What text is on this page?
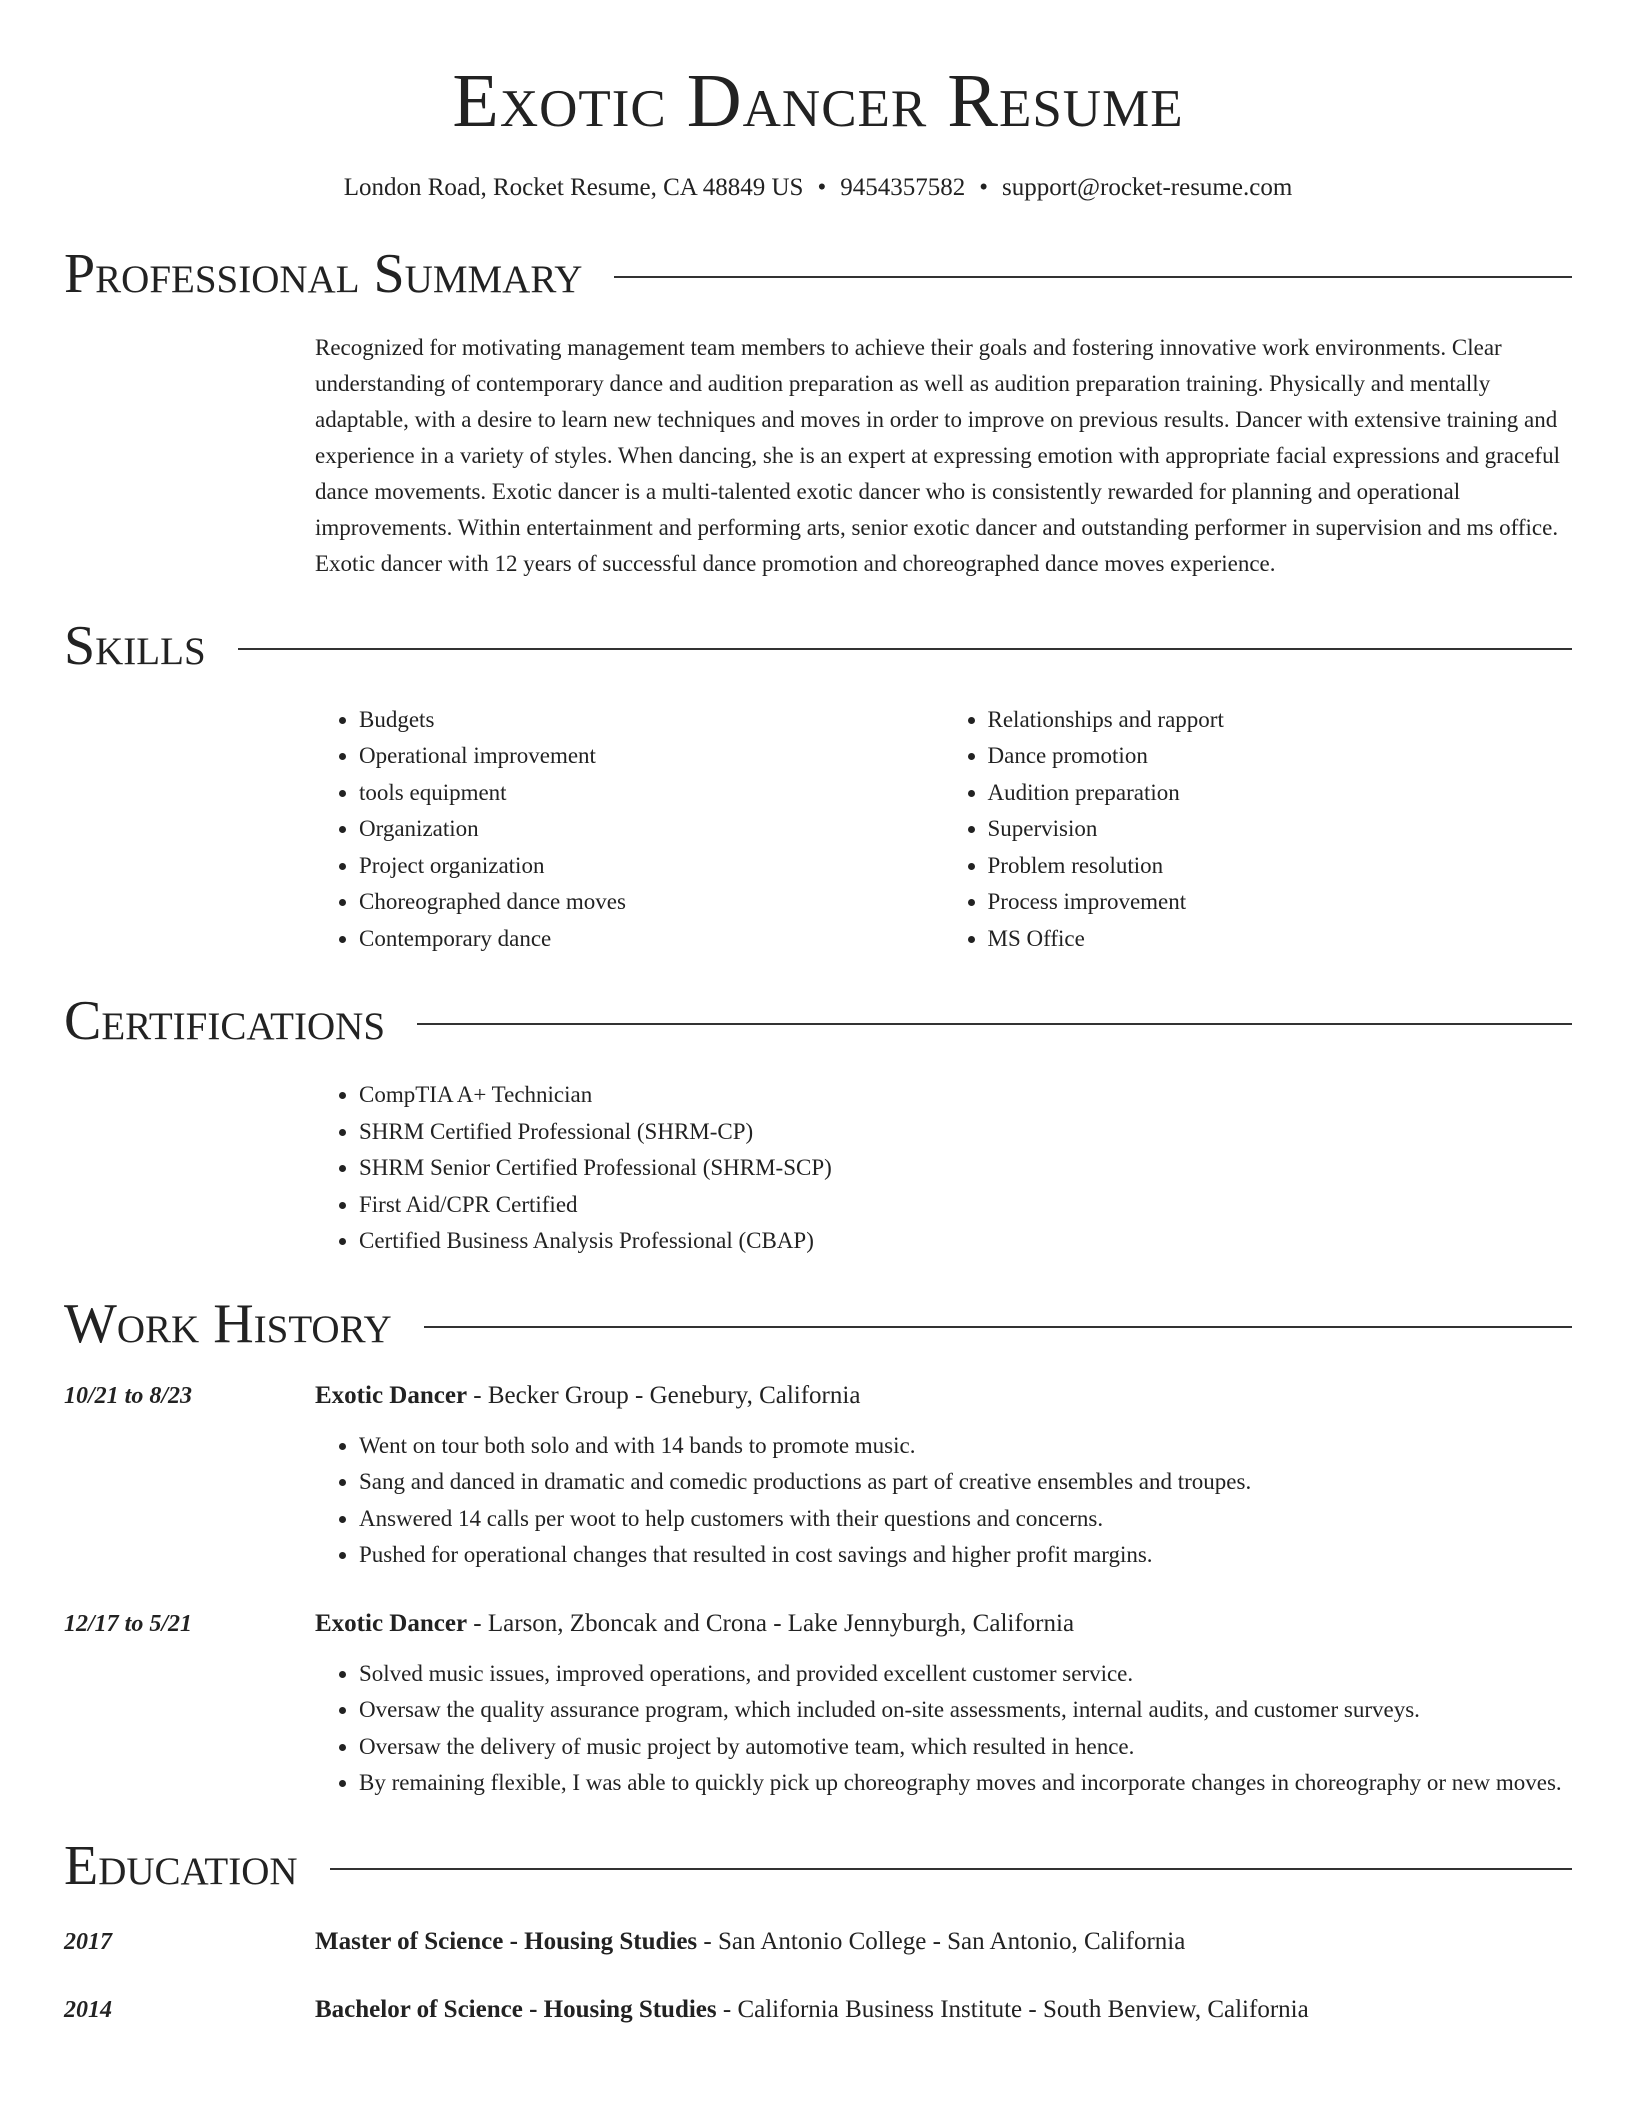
Exotic Dancer Resume
London Road, Rocket Resume, CA 48849 US • 9454357582 • support@rocket-resume.com
Professional Summary

Recognized for motivating management team members to achieve their goals and fostering innovative work environments. Clear understanding of contemporary dance and audition preparation as well as audition preparation training. Physically and mentally adaptable, with a desire to learn new techniques and moves in order to improve on previous results. Dancer with extensive training and experience in a variety of styles. When dancing, she is an expert at expressing emotion with appropriate facial expressions and graceful dance movements. Exotic dancer is a multi-talented exotic dancer who is consistently rewarded for planning and operational improvements. Within entertainment and performing arts, senior exotic dancer and outstanding performer in supervision and ms office. Exotic dancer with 12 years of successful dance promotion and choreographed dance moves experience.

Skills
• Budgets
• Operational improvement
• tools equipment
• Organization
• Project organization
• Choreographed dance moves
• Contemporary dance
• Relationships and rapport
• Dance promotion
• Audition preparation
• Supervision
• Problem resolution
• Process improvement
• MS Office
Certifications
• CompTIA A+ Technician
• SHRM Certified Professional (SHRM-CP)
• SHRM Senior Certified Professional (SHRM-SCP)
• First Aid/CPR Certified
• Certified Business Analysis Professional (CBAP)
Work History
10/21 to 8/23	Exotic Dancer - Becker Group - Genebury, California
• Went on tour both solo and with 14 bands to promote music.
• Sang and danced in dramatic and comedic productions as part of creative ensembles and troupes.
• Answered 14 calls per woot to help customers with their questions and concerns.
• Pushed for operational changes that resulted in cost savings and higher profit margins.
12/17 to 5/21	Exotic Dancer - Larson, Zboncak and Crona - Lake Jennyburgh, California
• Solved music issues, improved operations, and provided excellent customer service.
• Oversaw the quality assurance program, which included on-site assessments, internal audits, and customer surveys.
• Oversaw the delivery of music project by automotive team, which resulted in hence.
• By remaining flexible, I was able to quickly pick up choreography moves and incorporate changes in choreography or new moves.
Education
2017	Master of Science - Housing Studies - San Antonio College - San Antonio, California
2014	Bachelor of Science - Housing Studies - California Business Institute - South Benview, California
